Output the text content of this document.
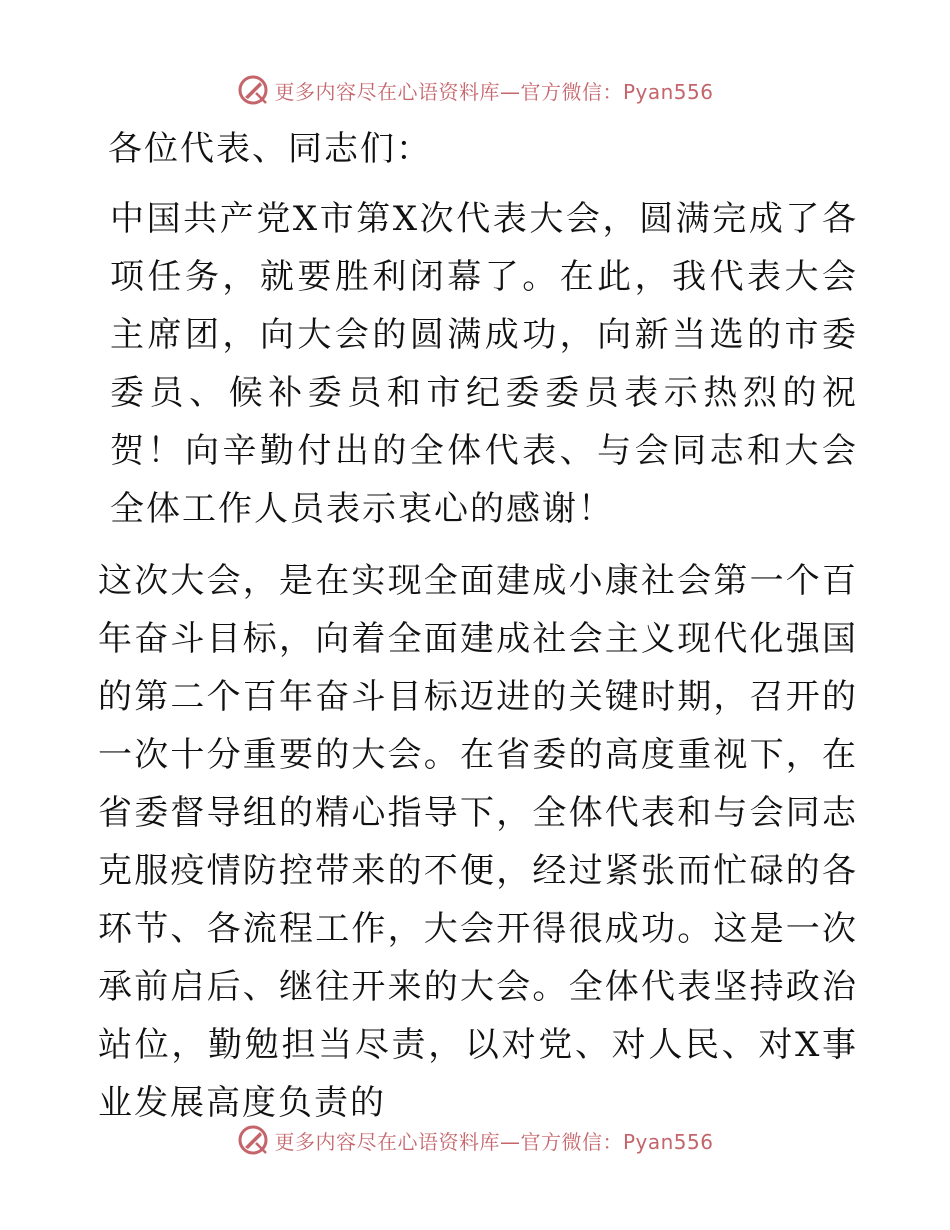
更多内容尽在心语资料库—官方微信：Pyan556

各位代表、同志们：

中国共产党X市第X次代表大会，圆满完成了各项任务，就要胜利闭幕了。在此，我代表大会主席团，向大会的圆满成功，向新当选的市委委员、候补委员和市纪委委员表示热烈的祝贺！向辛勤付出的全体代表、与会同志和大会全体工作人员表示衷心的感谢！

这次大会，是在实现全面建成小康社会第一个百年奋斗目标，向着全面建成社会主义现代化强国的第二个百年奋斗目标迈进的关键时期，召开的一次十分重要的大会。在省委的高度重视下，在省委督导组的精心指导下，全体代表和与会同志克服疫情防控带来的不便，经过紧张而忙碌的各环节、各流程工作，大会开得很成功。这是一次承前启后、继往开来的大会。全体代表坚持政治站位，勤勉担当尽责，以对党、对人民、对X事业发展高度负责的

更多内容尽在心语资料库—官方微信：Pyan556
